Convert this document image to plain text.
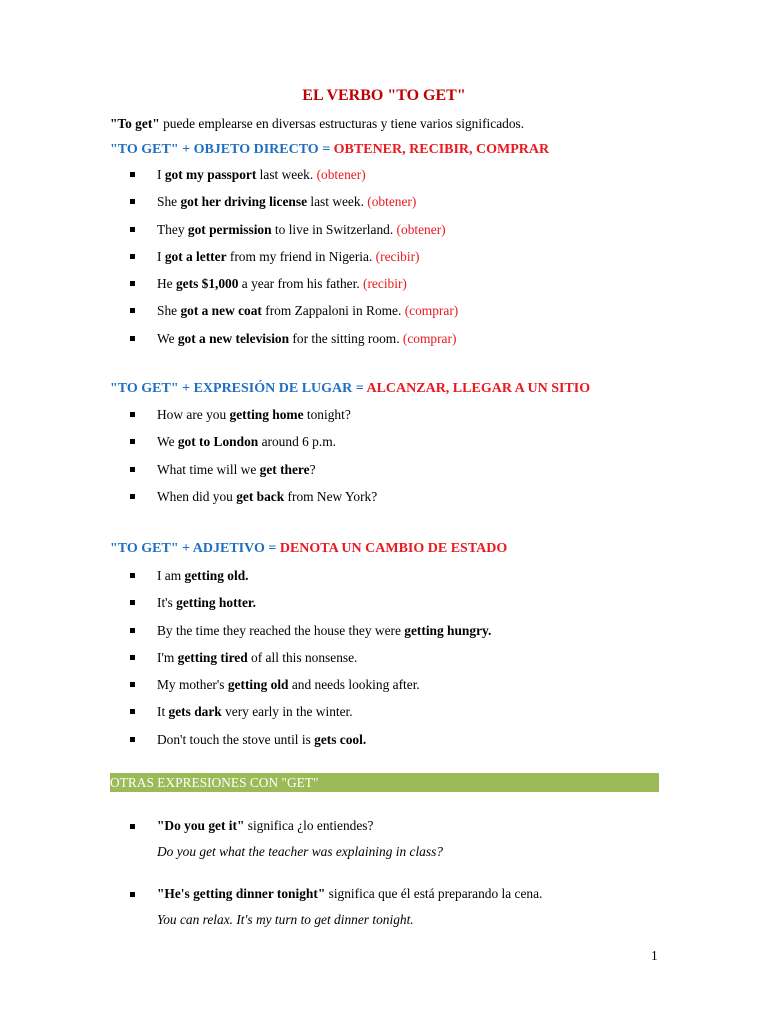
EL VERBO "TO GET"
"To get" puede emplearse en diversas estructuras y tiene varios significados.
"TO GET" + OBJETO DIRECTO = OBTENER, RECIBIR, COMPRAR
I got my passport last week. (obtener)
She got her driving license last week. (obtener)
They got permission to live in Switzerland. (obtener)
I got a letter from my friend in Nigeria. (recibir)
He gets $1,000 a year from his father. (recibir)
She got a new coat from Zappaloni in Rome. (comprar)
We got a new television for the sitting room. (comprar)
"TO GET" + EXPRESIÓN DE LUGAR = ALCANZAR, LLEGAR A UN SITIO
How are you getting home tonight?
We got to London around 6 p.m.
What time will we get there?
When did you get back from New York?
"TO GET" + ADJETIVO = DENOTA UN CAMBIO DE ESTADO
I am getting old.
It's getting hotter.
By the time they reached the house they were getting hungry.
I'm getting tired of all this nonsense.
My mother's getting old and needs looking after.
It gets dark very early in the winter.
Don't touch the stove until is gets cool.
OTRAS EXPRESIONES CON "GET"
"Do you get it" significa ¿lo entiendes?
Do you get what the teacher was explaining in class?
"He's getting dinner tonight" significa que él está preparando la cena.
You can relax. It's my turn to get dinner tonight.
1
